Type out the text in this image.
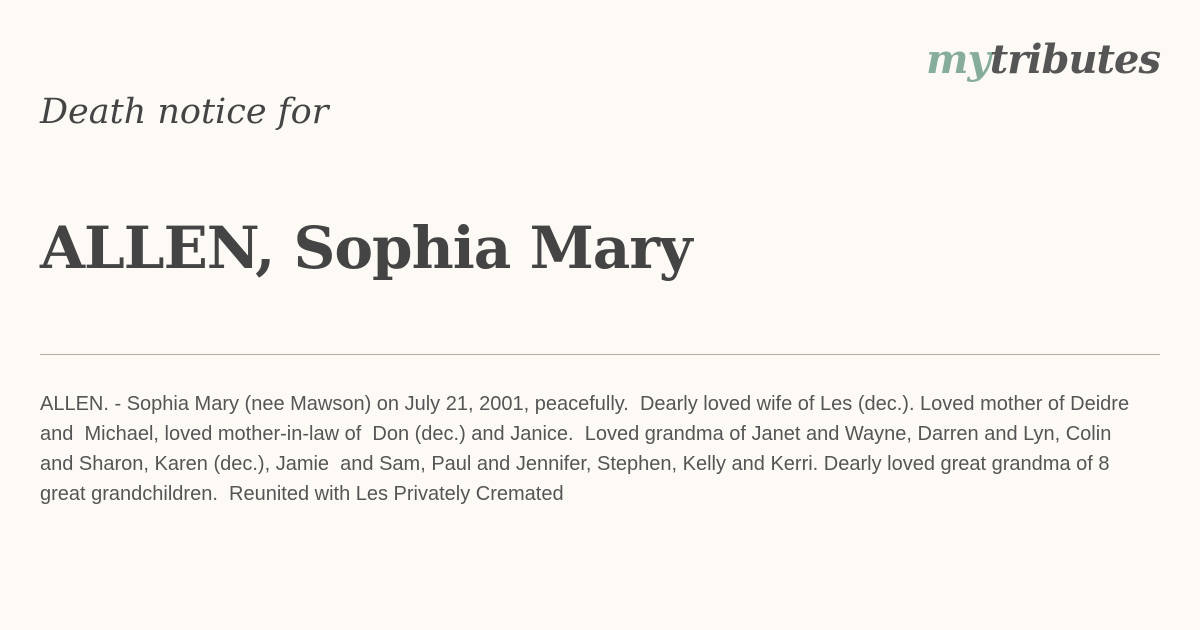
mytributes
Death notice for
ALLEN, Sophia Mary

ALLEN. - Sophia Mary (nee Mawson) on July 21, 2001, peacefully.  Dearly loved wife of Les (dec.). Loved mother of Deidre and  Michael, loved mother-in-law of  Don (dec.) and Janice.  Loved grandma of Janet and Wayne, Darren and Lyn, Colin  and Sharon, Karen (dec.), Jamie  and Sam, Paul and Jennifer, Stephen, Kelly and Kerri. Dearly loved great grandma of 8 great grandchildren.  Reunited with Les Privately Cremated
